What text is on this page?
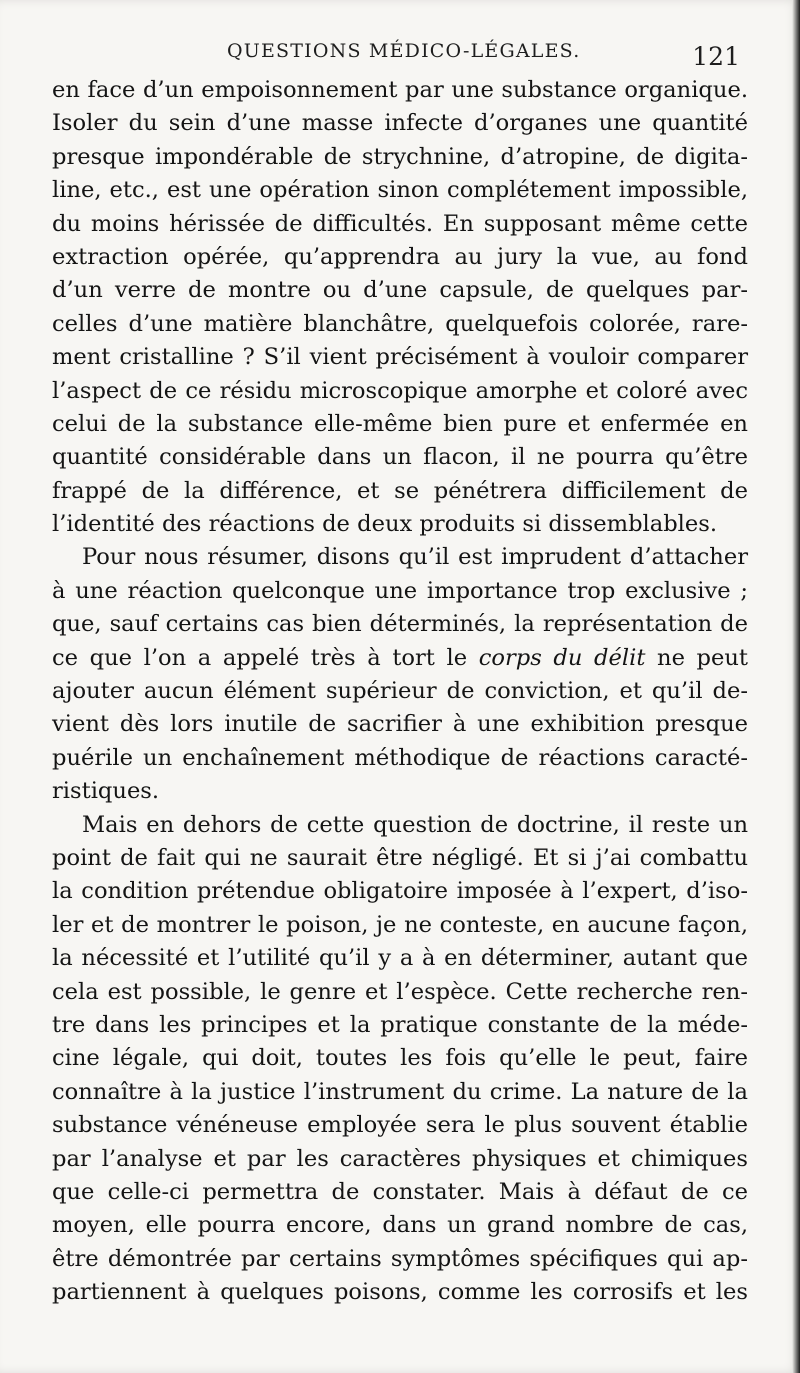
QUESTIONS MÉDICO-LÉGALES.	121
en face d’un empoisonnement par une substance organique.
Isoler du sein d’une masse infecte d’organes une quantité
presque impondérable de strychnine, d’atropine, de digita-
line, etc., est une opération sinon complétement impossible,
du moins hérissée de difficultés. En supposant même cette
extraction opérée, qu’apprendra au jury la vue, au fond
d’un verre de montre ou d’une capsule, de quelques par-
celles d’une matière blanchâtre, quelquefois colorée, rare-
ment cristalline ? S’il vient précisément à vouloir comparer
l’aspect de ce résidu microscopique amorphe et coloré avec
celui de la substance elle-même bien pure et enfermée en
quantité considérable dans un flacon, il ne pourra qu’être
frappé de la différence, et se pénétrera difficilement de
l’identité des réactions de deux produits si dissemblables.
Pour nous résumer, disons qu’il est imprudent d’attacher
à une réaction quelconque une importance trop exclusive ;
que, sauf certains cas bien déterminés, la représentation de
ce que l’on a appelé très à tort le corps du délit ne peut
ajouter aucun élément supérieur de conviction, et qu’il de-
vient dès lors inutile de sacrifier à une exhibition presque
puérile un enchaînement méthodique de réactions caracté-
ristiques.
Mais en dehors de cette question de doctrine, il reste un
point de fait qui ne saurait être négligé. Et si j’ai combattu
la condition prétendue obligatoire imposée à l’expert, d’iso-
ler et de montrer le poison, je ne conteste, en aucune façon,
la nécessité et l’utilité qu’il y a à en déterminer, autant que
cela est possible, le genre et l’espèce. Cette recherche ren-
tre dans les principes et la pratique constante de la méde-
cine légale, qui doit, toutes les fois qu’elle le peut, faire
connaître à la justice l’instrument du crime. La nature de la
substance vénéneuse employée sera le plus souvent établie
par l’analyse et par les caractères physiques et chimiques
que celle-ci permettra de constater. Mais à défaut de ce
moyen, elle pourra encore, dans un grand nombre de cas,
être démontrée par certains symptômes spécifiques qui ap-
partiennent à quelques poisons, comme les corrosifs et les
